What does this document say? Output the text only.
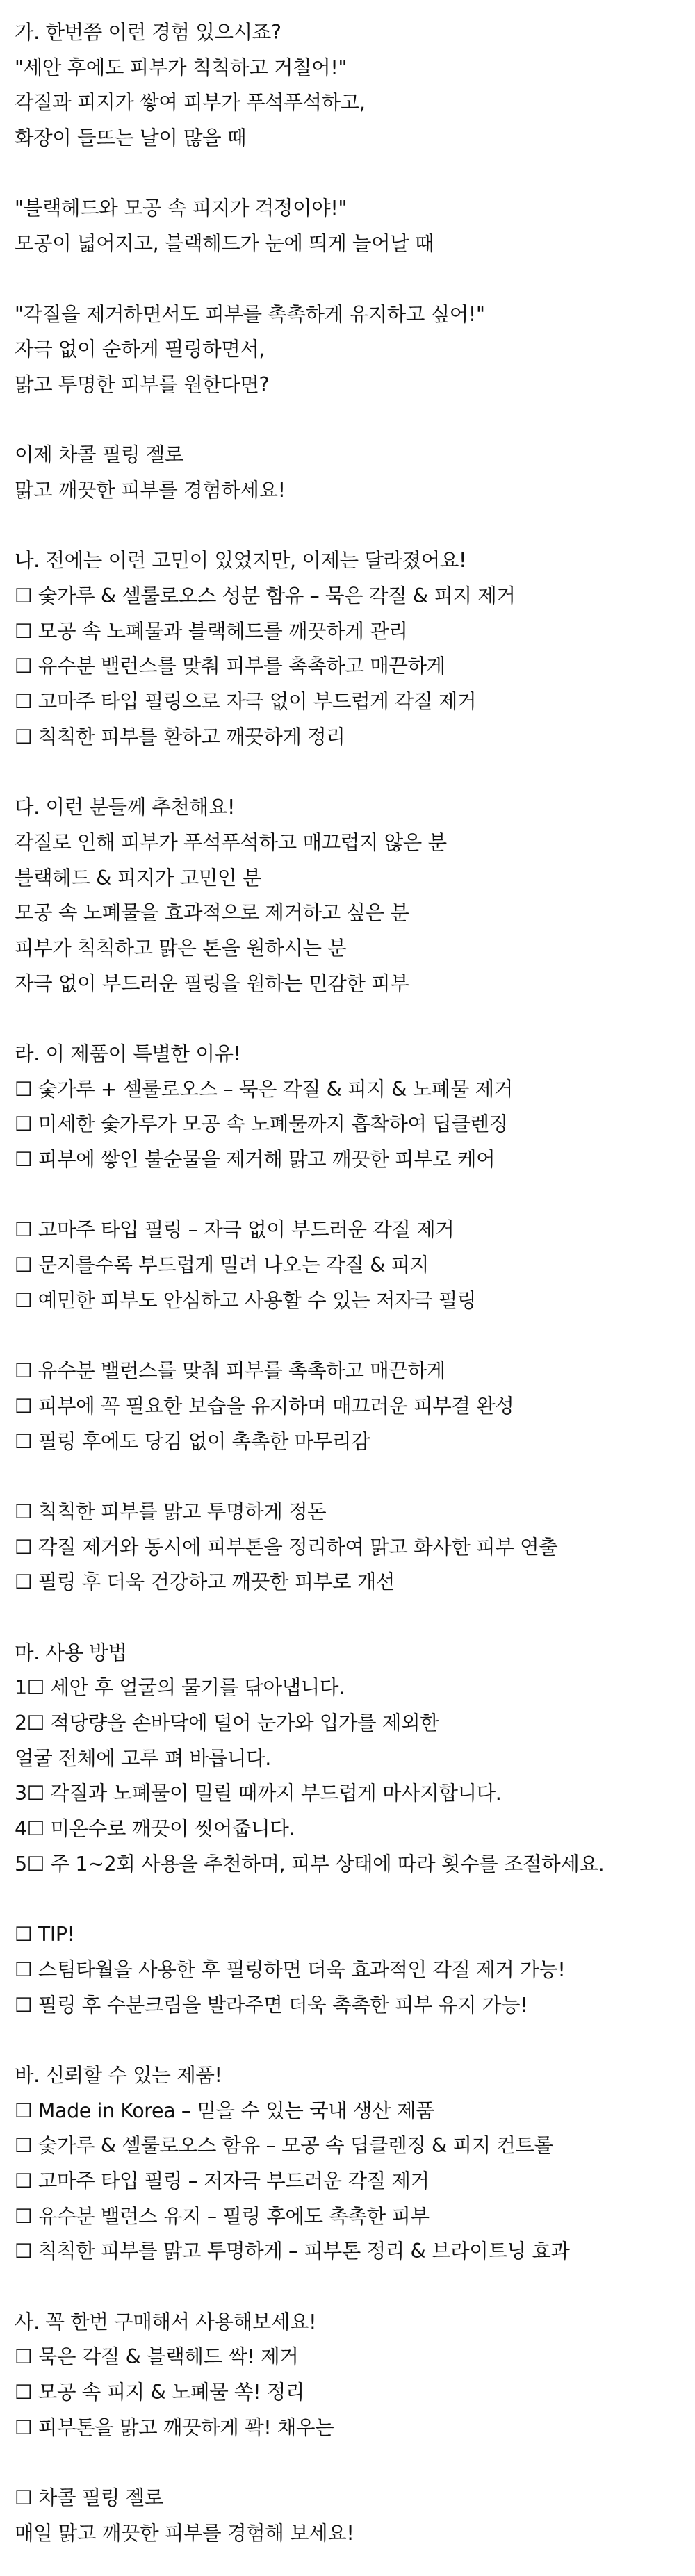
가. 한번쯤 이런 경험 있으시죠?
"세안 후에도 피부가 칙칙하고 거칠어!"
각질과 피지가 쌓여 피부가 푸석푸석하고,
화장이 들뜨는 날이 많을 때
"블랙헤드와 모공 속 피지가 걱정이야!"
모공이 넓어지고, 블랙헤드가 눈에 띄게 늘어날 때
"각질을 제거하면서도 피부를 촉촉하게 유지하고 싶어!"
자극 없이 순하게 필링하면서,
맑고 투명한 피부를 원한다면?
이제 차콜 필링 젤로
맑고 깨끗한 피부를 경험하세요!
나. 전에는 이런 고민이 있었지만, 이제는 달라졌어요!
☐ 숯가루 & 셀룰로오스 성분 함유 – 묵은 각질 & 피지 제거
☐ 모공 속 노폐물과 블랙헤드를 깨끗하게 관리
☐ 유수분 밸런스를 맞춰 피부를 촉촉하고 매끈하게
☐ 고마주 타입 필링으로 자극 없이 부드럽게 각질 제거
☐ 칙칙한 피부를 환하고 깨끗하게 정리
다. 이런 분들께 추천해요!
각질로 인해 피부가 푸석푸석하고 매끄럽지 않은 분
블랙헤드 & 피지가 고민인 분
모공 속 노폐물을 효과적으로 제거하고 싶은 분
피부가 칙칙하고 맑은 톤을 원하시는 분
자극 없이 부드러운 필링을 원하는 민감한 피부
라. 이 제품이 특별한 이유!
☐ 숯가루 + 셀룰로오스 – 묵은 각질 & 피지 & 노폐물 제거
☐ 미세한 숯가루가 모공 속 노폐물까지 흡착하여 딥클렌징
☐ 피부에 쌓인 불순물을 제거해 맑고 깨끗한 피부로 케어
☐ 고마주 타입 필링 – 자극 없이 부드러운 각질 제거
☐ 문지를수록 부드럽게 밀려 나오는 각질 & 피지
☐ 예민한 피부도 안심하고 사용할 수 있는 저자극 필링
☐ 유수분 밸런스를 맞춰 피부를 촉촉하고 매끈하게
☐ 피부에 꼭 필요한 보습을 유지하며 매끄러운 피부결 완성
☐ 필링 후에도 당김 없이 촉촉한 마무리감
☐ 칙칙한 피부를 맑고 투명하게 정돈
☐ 각질 제거와 동시에 피부톤을 정리하여 맑고 화사한 피부 연출
☐ 필링 후 더욱 건강하고 깨끗한 피부로 개선
마. 사용 방법
1☐ 세안 후 얼굴의 물기를 닦아냅니다.
2☐ 적당량을 손바닥에 덜어 눈가와 입가를 제외한
얼굴 전체에 고루 펴 바릅니다.
3☐ 각질과 노폐물이 밀릴 때까지 부드럽게 마사지합니다.
4☐ 미온수로 깨끗이 씻어줍니다.
5☐ 주 1~2회 사용을 추천하며, 피부 상태에 따라 횟수를 조절하세요.
☐ TIP!
☐ 스팀타월을 사용한 후 필링하면 더욱 효과적인 각질 제거 가능!
☐ 필링 후 수분크림을 발라주면 더욱 촉촉한 피부 유지 가능!
바. 신뢰할 수 있는 제품!
☐ Made in Korea – 믿을 수 있는 국내 생산 제품
☐ 숯가루 & 셀룰로오스 함유 – 모공 속 딥클렌징 & 피지 컨트롤
☐ 고마주 타입 필링 – 저자극 부드러운 각질 제거
☐ 유수분 밸런스 유지 – 필링 후에도 촉촉한 피부
☐ 칙칙한 피부를 맑고 투명하게 – 피부톤 정리 & 브라이트닝 효과
사. 꼭 한번 구매해서 사용해보세요!
☐ 묵은 각질 & 블랙헤드 싹! 제거
☐ 모공 속 피지 & 노폐물 쏙! 정리
☐ 피부톤을 맑고 깨끗하게 꽉! 채우는
☐ 차콜 필링 젤로
매일 맑고 깨끗한 피부를 경험해 보세요!
